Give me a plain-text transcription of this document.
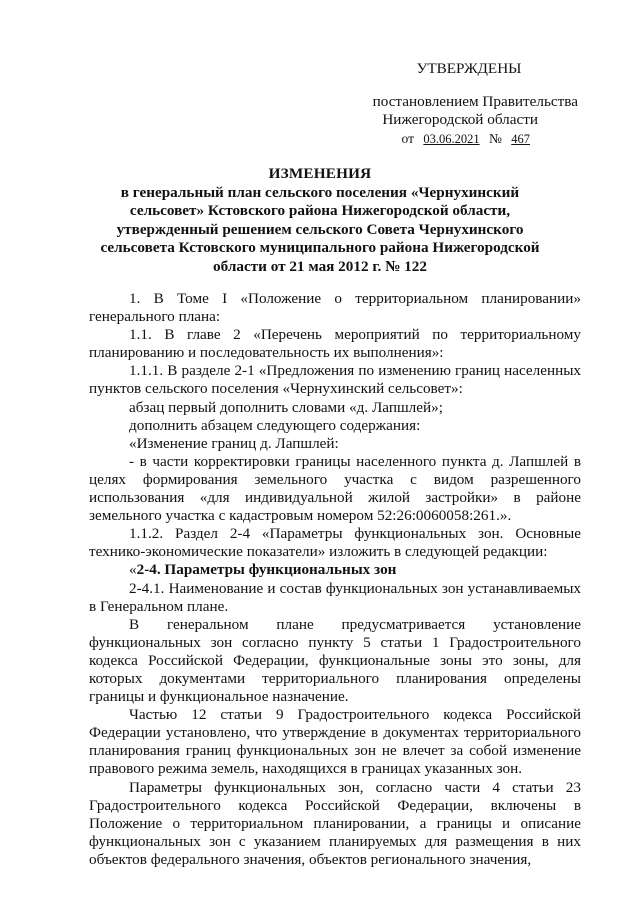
УТВЕРЖДЕНЫ
постановлением Правительства
Нижегородской области
от 03.06.2021 № 467
ИЗМЕНЕНИЯ
в генеральный план сельского поселения «Чернухинский
сельсовет» Кстовского района Нижегородской области,
утвержденный решением сельского Совета Чернухинского
сельсовета Кстовского муниципального района Нижегородской
области от 21 мая 2012 г. № 122

1. В Томе I «Положение о территориальном планировании» генерального плана:

1.1. В главе 2 «Перечень мероприятий по территориальному планированию и последовательность их выполнения»:

1.1.1. В разделе 2-1 «Предложения по изменению границ населенных пунктов сельского поселения «Чернухинский сельсовет»:

абзац первый дополнить словами «д. Лапшлей»;

дополнить абзацем следующего содержания:

«Изменение границ д. Лапшлей:

- в части корректировки границы населенного пункта д. Лапшлей в целях формирования земельного участка с видом разрешенного использования «для индивидуальной жилой застройки» в районе земельного участка с кадастровым номером 52:26:0060058:261.».

1.1.2. Раздел 2-4 «Параметры функциональных зон. Основные технико-экономические показатели» изложить в следующей редакции:

«2-4. Параметры функциональных зон

2-4.1. Наименование и состав функциональных зон устанавливаемых в Генеральном плане.

В генеральном плане предусматривается установление функциональных зон согласно пункту 5 статьи 1 Градостроительного кодекса Российской Федерации, функциональные зоны это зоны, для которых документами территориального планирования определены границы и функциональное назначение.

Частью 12 статьи 9 Градостроительного кодекса Российской Федерации установлено, что утверждение в документах территориального планирования границ функциональных зон не влечет за собой изменение правового режима земель, находящихся в границах указанных зон.

Параметры функциональных зон, согласно части 4 статьи 23 Градостроительного кодекса Российской Федерации, включены в Положение о территориальном планировании, а границы и описание функциональных зон с указанием планируемых для размещения в них объектов федерального значения, объектов регионального значения,
